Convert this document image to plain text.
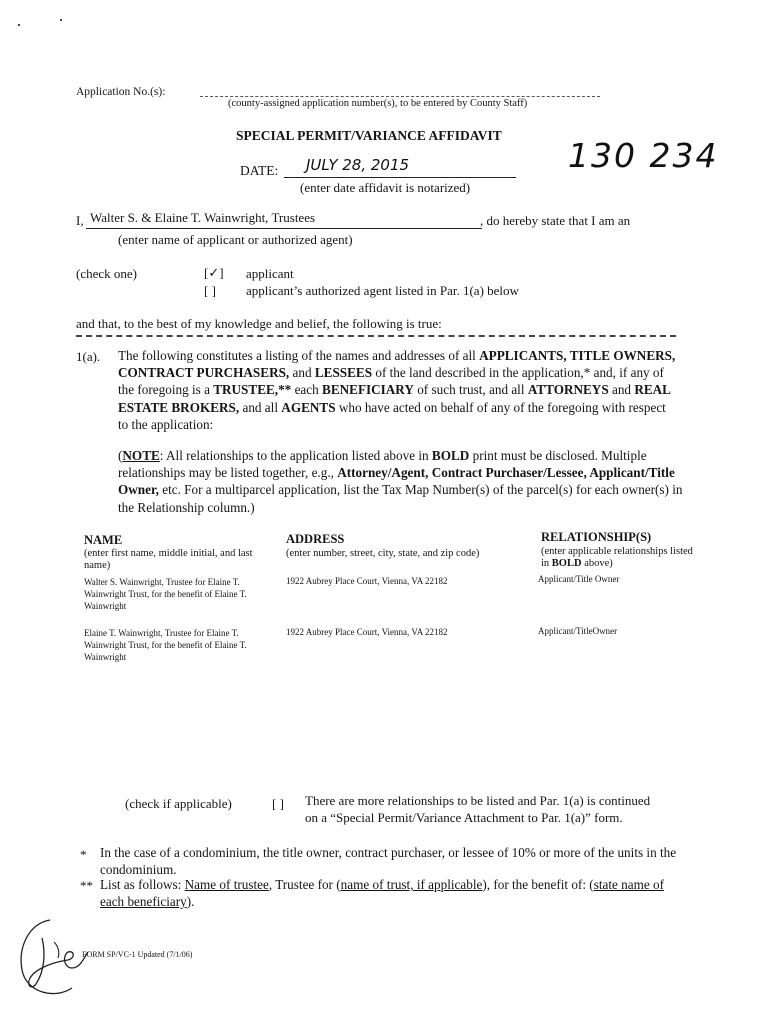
Application No.(s):
(county-assigned application number(s), to be entered by County Staff)
130 234
SPECIAL PERMIT/VARIANCE AFFIDAVIT
DATE: JULY 28, 2015
(enter date affidavit is notarized)
I, Walter S. & Elaine T. Wainwright, Trustees	, do hereby state that I am an
(enter name of applicant or authorized agent)
(check one)	[✓] applicant
[ ] applicant’s authorized agent listed in Par. 1(a) below
and that, to the best of my knowledge and belief, the following is true:
1(a). The following constitutes a listing of the names and addresses of all APPLICANTS, TITLE OWNERS, CONTRACT PURCHASERS, and LESSEES of the land described in the application,* and, if any of the foregoing is a TRUSTEE,** each BENEFICIARY of such trust, and all ATTORNEYS and REAL ESTATE BROKERS, and all AGENTS who have acted on behalf of any of the foregoing with respect to the application:
(NOTE: All relationships to the application listed above in BOLD print must be disclosed. Multiple relationships may be listed together, e.g., Attorney/Agent, Contract Purchaser/Lessee, Applicant/Title Owner, etc. For a multiparcel application, list the Tax Map Number(s) of the parcel(s) for each owner(s) in the Relationship column.)
NAME
(enter first name, middle initial, and last name)
ADDRESS
(enter number, street, city, state, and zip code)
RELATIONSHIP(S)
(enter applicable relationships listed in BOLD above)
Walter S. Wainwright, Trustee for Elaine T. Wainwright Trust, for the benefit of Elaine T. Wainwright
1922 Aubrey Place Court, Vienna, VA 22182	Applicant/Title Owner
Elaine T. Wainwright, Trustee for Elaine T. Wainwright Trust, for the benefit of Elaine T. Wainwright
1922 Aubrey Place Court, Vienna, VA 22182	Applicant/TitleOwner
(check if applicable)	[ ] There are more relationships to be listed and Par. 1(a) is continued
on a “Special Permit/Variance Attachment to Par. 1(a)” form.
* In the case of a condominium, the title owner, contract purchaser, or lessee of 10% or more of the units in the condominium.
** List as follows: Name of trustee, Trustee for (name of trust, if applicable), for the benefit of: (state name of each beneficiary).
FORM SP/VC-1 Updated (7/1/06)
